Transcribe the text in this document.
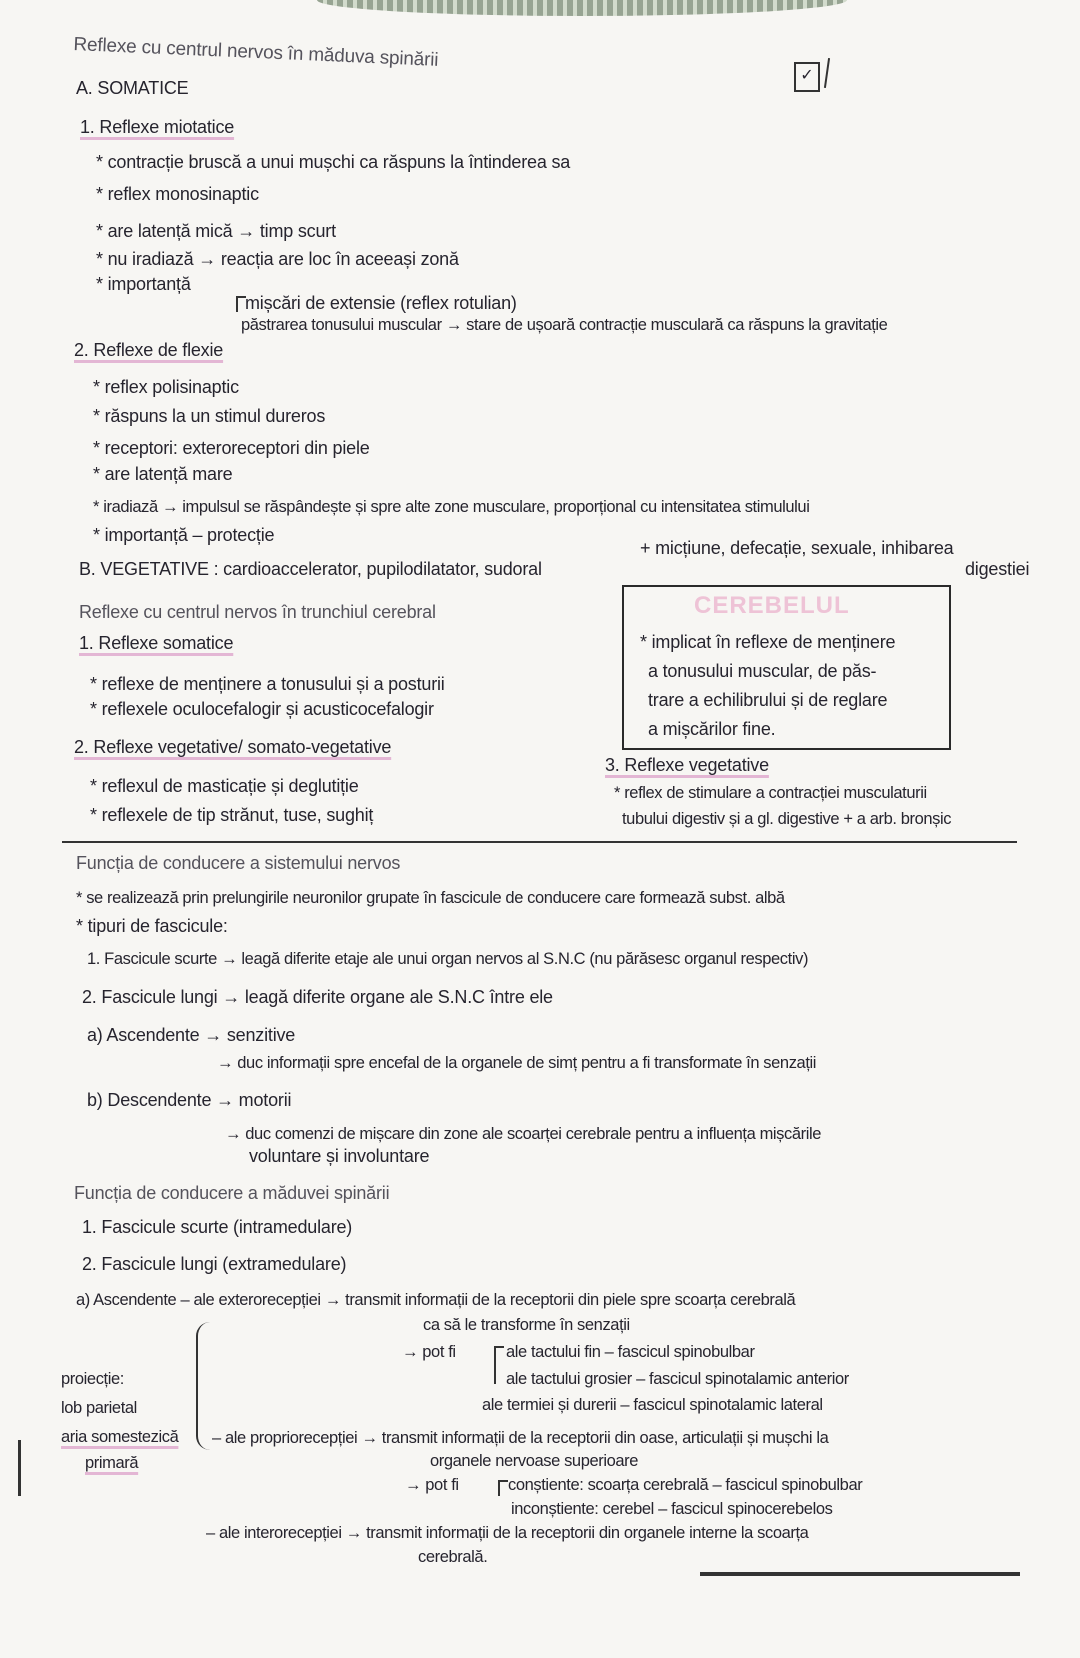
Reflexe cu centrul nervos în măduva spinării
✓
A. SOMATICE
1. Reflexe miotatice
* contracție bruscă a unui mușchi ca răspuns la întinderea sa
* reflex monosinaptic
* are latență mică → timp scurt
* nu iradiază → reacția are loc în aceeași zonă
* importanță
mișcări de extensie (reflex rotulian)
păstrarea tonusului muscular → stare de ușoară contracție musculară ca răspuns la gravitație
2. Reflexe de flexie
* reflex polisinaptic
* răspuns la un stimul dureros
* receptori: exteroreceptori din piele
* are latență mare
* iradiază → impulsul se răspândește și spre alte zone musculare, proporțional cu intensitatea stimulului
* importanță – protecție
B. VEGETATIVE : cardioaccelerator, pupilodilatator, sudoral
+ micțiune, defecație, sexuale, inhibarea
digestiei
Reflexe cu centrul nervos în trunchiul cerebral
1. Reflexe somatice
* reflexe de menținere a tonusului și a posturii
* reflexele oculocefalogir și acusticocefalogir
2. Reflexe vegetative/ somato-vegetative
* reflexul de masticație și deglutiție
* reflexele de tip strănut, tuse, sughiț
CEREBELUL
* implicat în reflexe de menținere
a tonusului muscular, de păs-
trare a echilibrului și de reglare
a mișcărilor fine.
3. Reflexe vegetative
* reflex de stimulare a contracției musculaturii
tubului digestiv și a gl. digestive + a arb. bronșic
Funcția de conducere a sistemului nervos
* se realizează prin prelungirile neuronilor grupate în fascicule de conducere care formează subst. albă
* tipuri de fascicule:
1. Fascicule scurte → leagă diferite etaje ale unui organ nervos al S.N.C (nu părăsesc organul respectiv)
2. Fascicule lungi → leagă diferite organe ale S.N.C între ele
a) Ascendente → senzitive
→ duc informații spre encefal de la organele de simț pentru a fi transformate în senzații
b) Descendente → motorii
→ duc comenzi de mișcare din zone ale scoarței cerebrale pentru a influența mișcările
voluntare și involuntare
Funcția de conducere a măduvei spinării
1. Fascicule scurte (intramedulare)
2. Fascicule lungi (extramedulare)
a) Ascendente – ale exterorecepției → transmit informații de la receptorii din piele spre scoarța cerebrală
ca să le transforme în senzații
→ pot fi	ale tactului fin – fascicul spinobulbar
ale tactului grosier – fascicul spinotalamic anterior
ale termiei și durerii – fascicul spinotalamic lateral
proiecție:
lob parietal
aria somestezică
primară
– ale propriorecepției → transmit informații de la receptorii din oase, articulații și mușchi la
organele nervoase superioare
→ pot fi	conștiente: scoarța cerebrală – fascicul spinobulbar
inconștiente: cerebel – fascicul spinocerebelos
– ale interorecepției → transmit informații de la receptorii din organele interne la scoarța
cerebrală.
